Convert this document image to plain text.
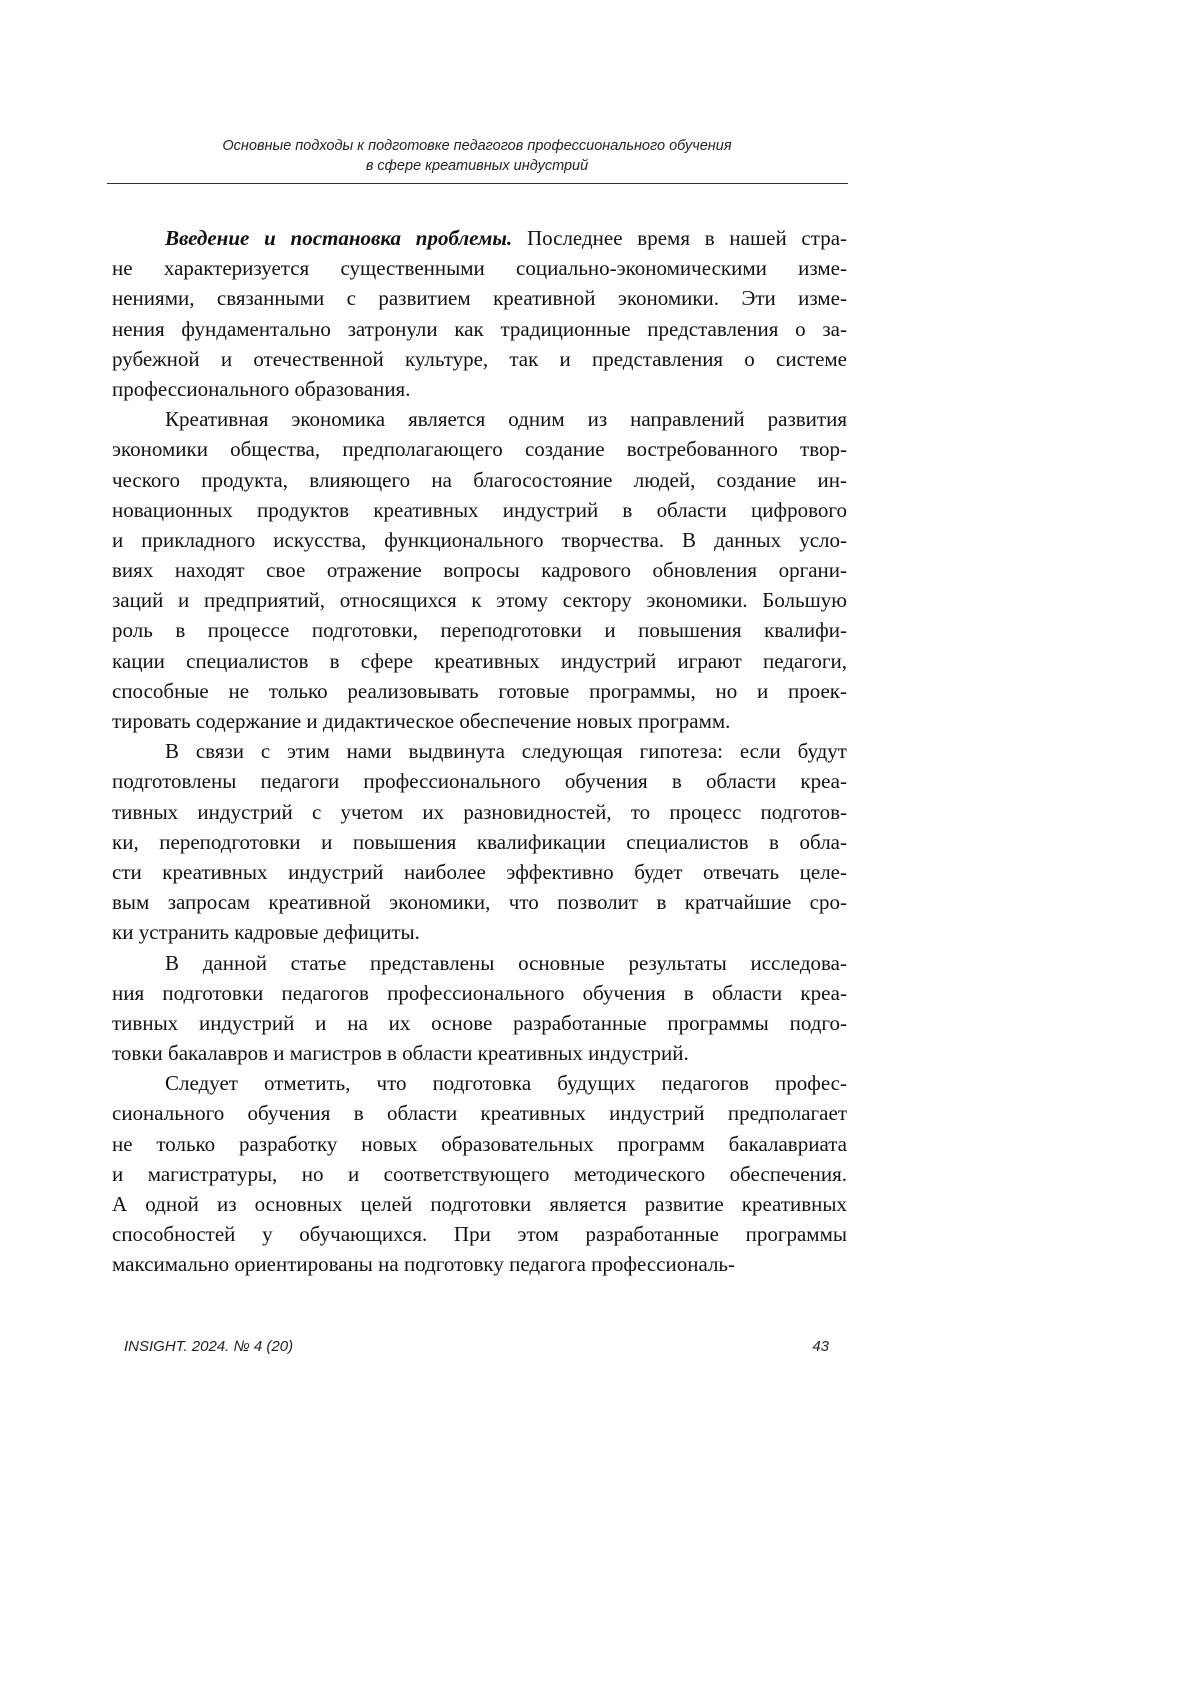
Основные подходы к подготовке педагогов профессионального обучения
в сфере креативных индустрий
Введение и постановка проблемы. Последнее время в нашей стра-
не характеризуется существенными социально-экономическими изме-
нениями, связанными с развитием креативной экономики. Эти изме-
нения фундаментально затронули как традиционные представления о за-
рубежной и отечественной культуре, так и представления о системе
профессионального образования.
Креативная экономика является одним из направлений развития
экономики общества, предполагающего создание востребованного твор-
ческого продукта, влияющего на благосостояние людей, создание ин-
новационных продуктов креативных индустрий в области цифрового
и прикладного искусства, функционального творчества. В данных усло-
виях находят свое отражение вопросы кадрового обновления органи-
заций и предприятий, относящихся к этому сектору экономики. Большую
роль в процессе подготовки, переподготовки и повышения квалифи-
кации специалистов в сфере креативных индустрий играют педагоги,
способные не только реализовывать готовые программы, но и проек-
тировать содержание и дидактическое обеспечение новых программ.
В связи с этим нами выдвинута следующая гипотеза: если будут
подготовлены педагоги профессионального обучения в области креа-
тивных индустрий с учетом их разновидностей, то процесс подготов-
ки, переподготовки и повышения квалификации специалистов в обла-
сти креативных индустрий наиболее эффективно будет отвечать целе-
вым запросам креативной экономики, что позволит в кратчайшие сро-
ки устранить кадровые дефициты.
В данной статье представлены основные результаты исследова-
ния подготовки педагогов профессионального обучения в области креа-
тивных индустрий и на их основе разработанные программы подго-
товки бакалавров и магистров в области креативных индустрий.
Следует отметить, что подготовка будущих педагогов профес-
сионального обучения в области креативных индустрий предполагает
не только разработку новых образовательных программ бакалавриата
и магистратуры, но и соответствующего методического обеспечения.
А одной из основных целей подготовки является развитие креативных
способностей у обучающихся. При этом разработанные программы
максимально ориентированы на подготовку педагога профессиональ-
INSIGHT. 2024. № 4 (20)	43
